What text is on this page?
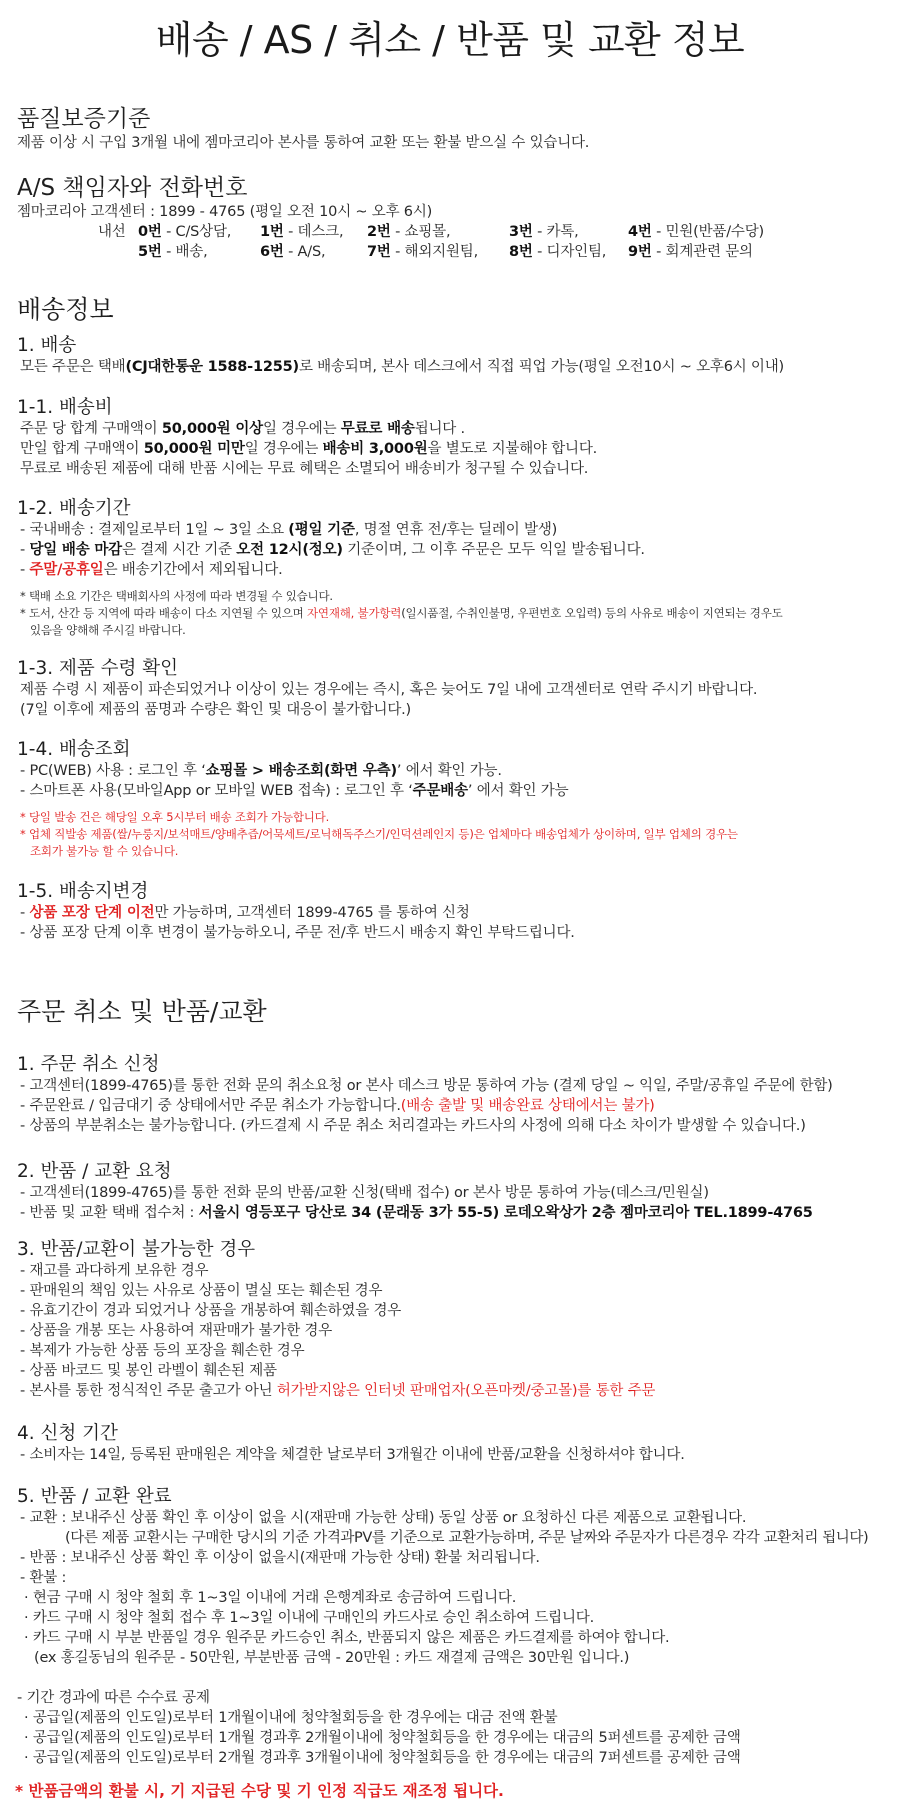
배송 / AS / 취소 / 반품 및 교환 정보
품질보증기준
제품 이상 시 구입 3개월 내에 젬마코리아 본사를 통하여 교환 또는 환불 받으실 수 있습니다.
A/S 책임자와 전화번호
젬마코리아 고객센터 : 1899 - 4765 (평일 오전 10시 ~ 오후 6시)
내선 0번 - C/S상담, 1번 - 데스크, 2번 - 쇼핑몰,	3번 - 카톡,	4번 - 민원(반품/수당)
5번 - 배송,	6번 - A/S,	7번 - 해외지원팀, 8번 - 디자인팀, 9번 - 회계관련 문의
배송정보
1. 배송
모든 주문은 택배(CJ대한통운 1588-1255)로 배송되며, 본사 데스크에서 직접 픽업 가능(평일 오전10시 ~ 오후6시 이내)
1-1. 배송비
주문 당 합계 구매액이 50,000원 이상일 경우에는 무료로 배송됩니다 .
만일 합계 구매액이 50,000원 미만일 경우에는 배송비 3,000원을 별도로 지불해야 합니다.
무료로 배송된 제품에 대해 반품 시에는 무료 혜택은 소멸되어 배송비가 청구될 수 있습니다.
1-2. 배송기간
- 국내배송 : 결제일로부터 1일 ~ 3일 소요 (평일 기준, 명절 연휴 전/후는 딜레이 발생)
- 당일 배송 마감은 결제 시간 기준 오전 12시(정오) 기준이며, 그 이후 주문은 모두 익일 발송됩니다.
- 주말/공휴일은 배송기간에서 제외됩니다.
* 택배 소요 기간은 택배회사의 사정에 따라 변경될 수 있습니다.
* 도서, 산간 등 지역에 따라 배송이 다소 지연될 수 있으며 자연재해, 불가항력(일시품절, 수취인불명, 우편번호 오입력) 등의 사유로 배송이 지연되는 경우도
있음을 양해해 주시길 바랍니다.
1-3. 제품 수령 확인
제품 수령 시 제품이 파손되었거나 이상이 있는 경우에는 즉시, 혹은 늦어도 7일 내에 고객센터로 연락 주시기 바랍니다.
(7일 이후에 제품의 품명과 수량은 확인 및 대응이 불가합니다.)
1-4. 배송조회
- PC(WEB) 사용 : 로그인 후 ‘쇼핑몰 > 배송조회(화면 우측)’ 에서 확인 가능.
- 스마트폰 사용(모바일App or 모바일 WEB 접속) : 로그인 후 ‘주문배송’ 에서 확인 가능
* 당일 발송 건은 해당일 오후 5시부터 배송 조회가 가능합니다.
* 업체 직발송 제품(쌀/누룽지/보석매트/양배추즙/어묵세트/로닉해독주스기/인덕션레인지 등)은 업체마다 배송업체가 상이하며, 일부 업체의 경우는
조회가 불가능 할 수 있습니다.
1-5. 배송지변경
- 상품 포장 단계 이전만 가능하며, 고객센터 1899-4765 를 통하여 신청
- 상품 포장 단계 이후 변경이 불가능하오니, 주문 전/후 반드시 배송지 확인 부탁드립니다.
주문 취소 및 반품/교환
1. 주문 취소 신청
- 고객센터(1899-4765)를 통한 전화 문의 취소요청 or 본사 데스크 방문 통하여 가능 (결제 당일 ~ 익일, 주말/공휴일 주문에 한함)
- 주문완료 / 입금대기 중 상태에서만 주문 취소가 가능합니다.(배송 출발 및 배송완료 상태에서는 불가)
- 상품의 부분취소는 불가능합니다. (카드결제 시 주문 취소 처리결과는 카드사의 사정에 의해 다소 차이가 발생할 수 있습니다.)
2. 반품 / 교환 요청
- 고객센터(1899-4765)를 통한 전화 문의 반품/교환 신청(택배 접수) or 본사 방문 통하여 가능(데스크/민원실)
- 반품 및 교환 택배 접수처 : 서울시 영등포구 당산로 34 (문래동 3가 55-5) 로데오왁상가 2층 젬마코리아 TEL.1899-4765
3. 반품/교환이 불가능한 경우
- 재고를 과다하게 보유한 경우
- 판매원의 책임 있는 사유로 상품이 멸실 또는 훼손된 경우
- 유효기간이 경과 되었거나 상품을 개봉하여 훼손하였을 경우
- 상품을 개봉 또는 사용하여 재판매가 불가한 경우
- 복제가 가능한 상품 등의 포장을 훼손한 경우
- 상품 바코드 및 봉인 라벨이 훼손된 제품
- 본사를 통한 정식적인 주문 출고가 아닌 허가받지않은 인터넷 판매업자(오픈마켓/중고몰)를 통한 주문
4. 신청 기간
- 소비자는 14일, 등록된 판매원은 계약을 체결한 날로부터 3개월간 이내에 반품/교환을 신청하셔야 합니다.
5. 반품 / 교환 완료
- 교환 : 보내주신 상품 확인 후 이상이 없을 시(재판매 가능한 상태) 동일 상품 or 요청하신 다른 제품으로 교환됩니다.
(다른 제품 교환시는 구매한 당시의 기준 가격과PV를 기준으로 교환가능하며, 주문 날짜와 주문자가 다른경우 각각 교환처리 됩니다)
- 반품 : 보내주신 상품 확인 후 이상이 없을시(재판매 가능한 상태) 환불 처리됩니다.
- 환불 :
· 현금 구매 시 청약 철회 후 1~3일 이내에 거래 은행계좌로 송금하여 드립니다.
· 카드 구매 시 청약 철회 접수 후 1~3일 이내에 구매인의 카드사로 승인 취소하여 드립니다.
· 카드 구매 시 부분 반품일 경우 원주문 카드승인 취소, 반품되지 않은 제품은 카드결제를 하여야 합니다.
(ex 홍길동님의 원주문 - 50만원, 부분반품 금액 - 20만원 : 카드 재결제 금액은 30만원 입니다.)
- 기간 경과에 따른 수수료 공제
· 공급일(제품의 인도일)로부터 1개월이내에 청약철회등을 한 경우에는 대금 전액 환불
· 공급일(제품의 인도일)로부터 1개월 경과후 2개월이내에 청약철회등을 한 경우에는 대금의 5퍼센트를 공제한 금액
· 공급일(제품의 인도일)로부터 2개월 경과후 3개월이내에 청약철회등을 한 경우에는 대금의 7퍼센트를 공제한 금액
* 반품금액의 환불 시, 기 지급된 수당 및 기 인정 직급도 재조정 됩니다.
